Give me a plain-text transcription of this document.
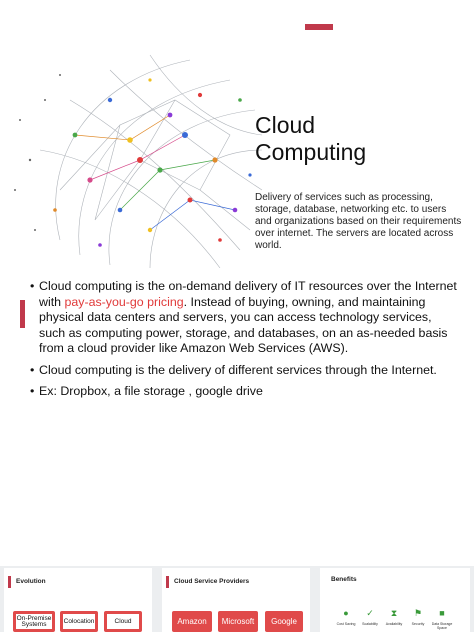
Cloud
Computing

Delivery of services such as processing, storage, database, networking etc. to users and organizations based on their requirements over internet. The servers are located across world.

• Cloud computing is the on-demand delivery of IT resources over the Internet with pay-as-you-go pricing. Instead of buying, owning, and maintaining physical data centers and servers, you can access technology services, such as computing power, storage, and databases, on an as-needed basis from a cloud provider like Amazon Web Services (AWS).
• Cloud computing is the delivery of different services through the Internet.
• Ex: Dropbox, a file storage , google drive
Evolution
On-Premise Systems	Colocation	Cloud
Cloud Service Providers
Amazon	Microsoft	Google
Benefits
● ✓ ⧗ ⚑ ■
Cost Saving	Scalability	Availability	Security	Data Storage Space
